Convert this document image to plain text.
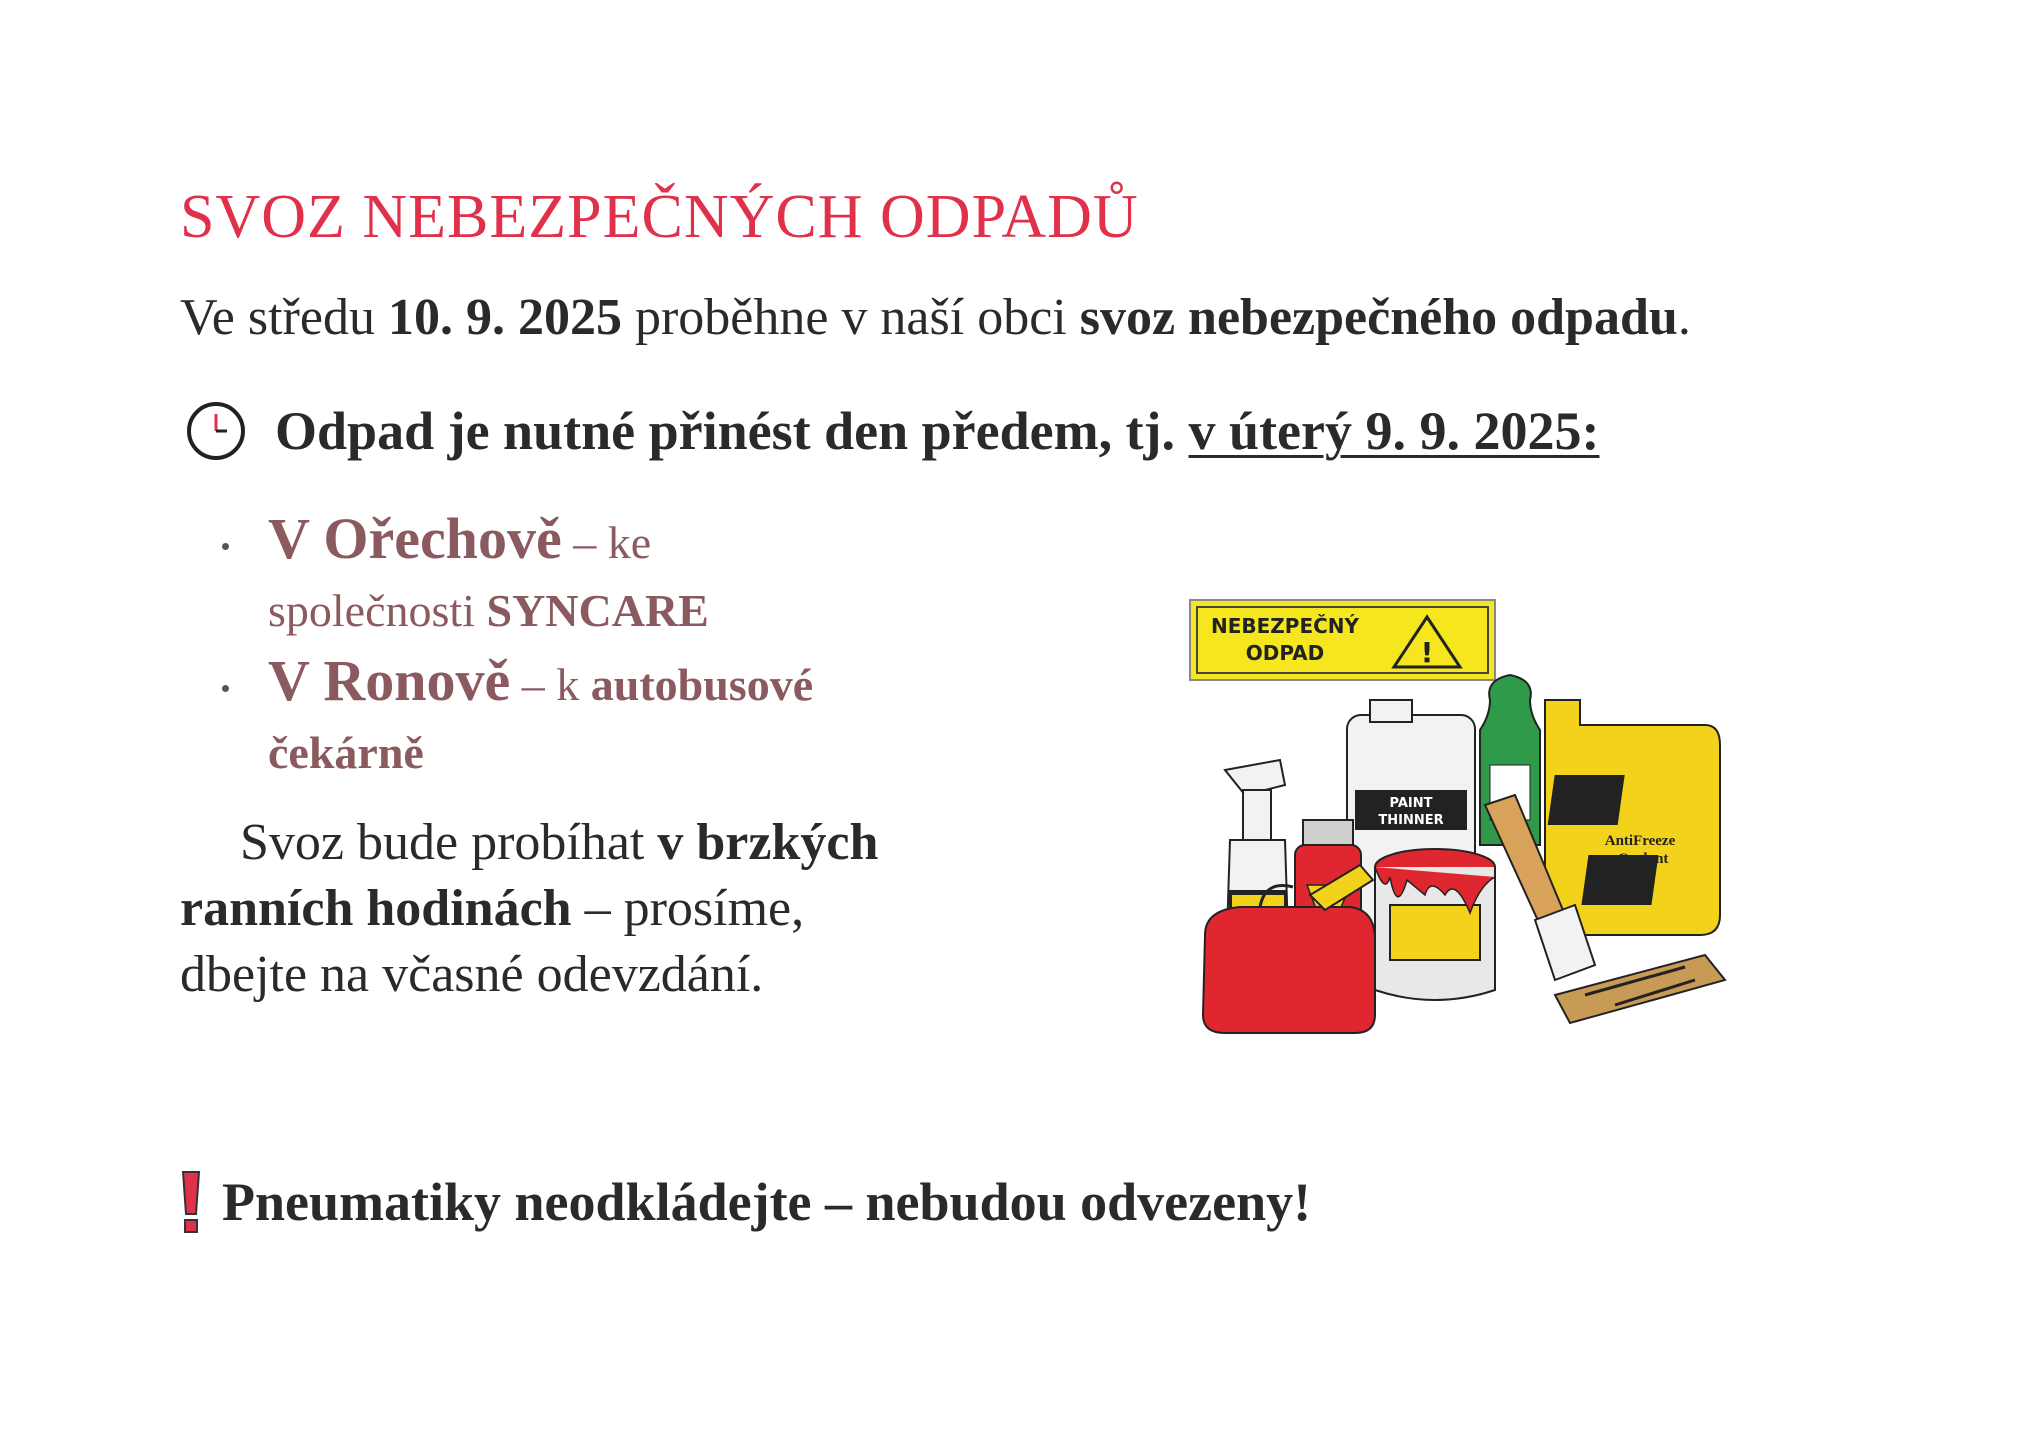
SVOZ NEBEZPEČNÝCH ODPADŮ
Ve středu 10. 9. 2025 proběhne v naší obci svoz nebezpečného odpadu.
Odpad je nutné přinést den předem, tj.
v úterý 9. 9. 2025:
V Ořechově – ke
společnosti SYNCARE
V Ronově – k autobusové
čekárně
Svoz bude probíhat v brzkých
ranních hodinách – prosíme,
dbejte na včasné odevzdání.
Pneumatiky neodkládejte – nebudou odvezeny!
NEBEZPEČNÝ
ODPAD	!
PAINT
THINNER
AntiFreeze
Coolant
